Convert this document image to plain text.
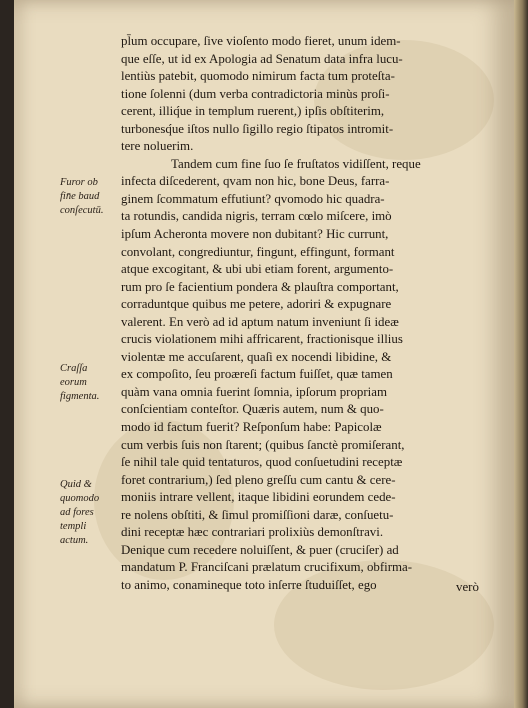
pl̄um occupare, ſive vioſento modo fieret, unum idem-
que eſſe, ut id ex Apologia ad Senatum data infra lucu-
lentiùs patebit, quomodo nimirum facta tum proteſta-
tione ſolenni (dum verba contradictoria minùs proſi-
cerent, illiq́ue in templum ruerent,) ipſis obſtiterim,
turbonesq́ue iſtos nullo ſigillo regio ſtipatos intromit-
tere noluerim.
Tandem cum fine ſuo ſe fruſtatos vidiſſent, reque
infecta diſcederent, qvam non hic, bone Deus, farra-
ginem ſcommatum effutiunt? qvomodo hic quadra-
ta rotundis, candida nigris, terram cœlo miſcere, imò
ipſum Acheronta movere non dubitant? Hic currunt,
convolant, congrediuntur, fingunt, effingunt, formant
atque excogitant, & ubi ubi etiam forent, argumento-
rum pro ſe facientium pondera & plauſtra comportant,
corraduntque quibus me petere, adoriri & expugnare
valerent. En verò ad id aptum natum inveniunt ſi ideæ
crucis violationem mihi affricarent, fractionisque illius
violentæ me accuſarent, quaſi ex nocendi libidine, &
ex compoſito, ſeu proæreſi factum fuiſſet, quæ tamen
quàm vana omnia fuerint ſomnia, ipſorum propriam
conſcientiam conteſtor. Quæris autem, num & quo-
modo id factum fuerit? Reſponſum habe: Papicolæ
cum verbis ſuis non ſtarent; (quibus ſanctè promiſerant,
ſe nihil tale quid tentaturos, quod conſuetudini receptæ
foret contrarium,) ſed pleno greſſu cum cantu & cere-
moniis intrare vellent, itaque libidini eorundem cede-
re nolens obſtiti, & ſimul promiſſioni daræ, conſuetu-
dini receptæ hæc contrariari prolixiùs demonſtravi.
Denique cum recedere noluiſſent, & puer (cruciſer) ad
mandatum P. Franciſcani prælatum crucifixum, obfirma-
to animo, conamineque toto inſerre ſtuduiſſet, ego
Furor ob
fin̄e baud
conſecutū.
Craſſa
eorum
figmenta.
Quid &
quomodo
ad fores
templi
actum.
verò
